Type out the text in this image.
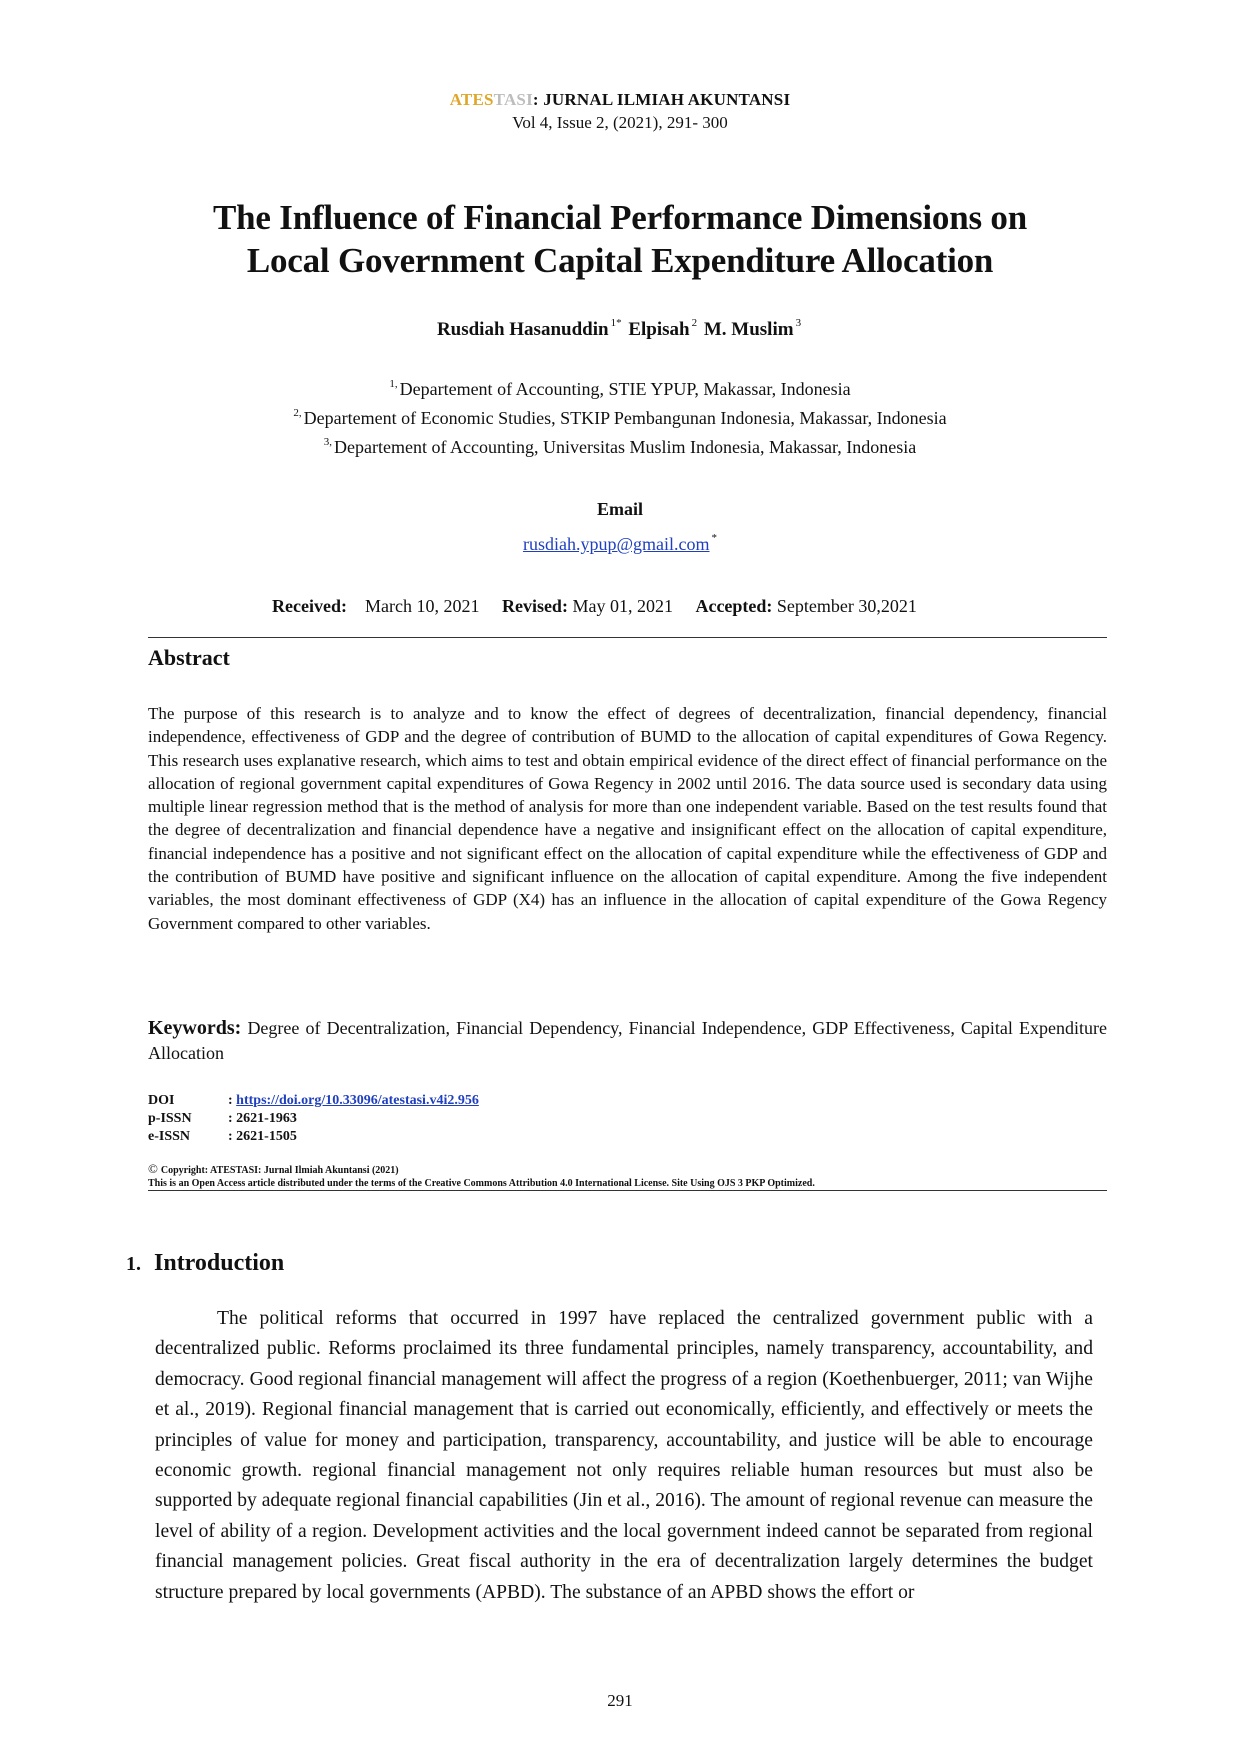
ATESTASI: JURNAL ILMIAH AKUNTANSI
Vol 4, Issue 2, (2021), 291- 300
The Influence of Financial Performance Dimensions on
Local Government Capital Expenditure Allocation
Rusdiah Hasanuddin $^{1*}$ Elpisah $^2$ M. Muslim $^3$
$^{1,}$ Departement of Accounting, STIE YPUP, Makassar, Indonesia
$^{2,}$ Departement of Economic Studies, STKIP Pembangunan Indonesia, Makassar, Indonesia
$^{3,}$ Departement of Accounting, Universitas Muslim Indonesia, Makassar, Indonesia
Email
rusdiah.ypup@gmail.com *
Received: March 10, 2021 Revised: May 01, 2021 Accepted: September 30,2021
Abstract
The purpose of this research is to analyze and to know the effect of degrees of decentralization, financial dependency, financial independence, effectiveness of GDP and the degree of contribution of BUMD to the allocation of capital expenditures of Gowa Regency. This research uses explanative research, which aims to test and obtain empirical evidence of the direct effect of financial performance on the allocation of regional government capital expenditures of Gowa Regency in 2002 until 2016. The data source used is secondary data using multiple linear regression method that is the method of analysis for more than one independent variable. Based on the test results found that the degree of decentralization and financial dependence have a negative and insignificant effect on the allocation of capital expenditure, financial independence has a positive and not significant effect on the allocation of capital expenditure while the effectiveness of GDP and the contribution of BUMD have positive and significant influence on the allocation of capital expenditure. Among the five independent variables, the most dominant effectiveness of GDP (X4) has an influence in the allocation of capital expenditure of the Gowa Regency Government compared to other variables.
Keywords: Degree of Decentralization, Financial Dependency, Financial Independence, GDP Effectiveness, Capital Expenditure Allocation
DOI	: https://doi.org/10.33096/atestasi.v4i2.956
p-ISSN	: 2621-1963
e-ISSN	: 2621-1505
© Copyright: ATESTASI: Jurnal Ilmiah Akuntansi (2021)
This is an Open Access article distributed under the terms of the Creative Commons Attribution 4.0 International License. Site Using OJS 3 PKP Optimized.
1. Introduction
The political reforms that occurred in 1997 have replaced the centralized government public with a decentralized public. Reforms proclaimed its three fundamental principles, namely transparency, accountability, and democracy. Good regional financial management will affect the progress of a region (Koethenbuerger, 2011; van Wijhe et al., 2019). Regional financial management that is carried out economically, efficiently, and effectively or meets the principles of value for money and participation, transparency, accountability, and justice will be able to encourage economic growth. regional financial management not only requires reliable human resources but must also be supported by adequate regional financial capabilities (Jin et al., 2016). The amount of regional revenue can measure the level of ability of a region. Development activities and the local government indeed cannot be separated from regional financial management policies. Great fiscal authority in the era of decentralization largely determines the budget structure prepared by local governments (APBD). The substance of an APBD shows the effort or
291
